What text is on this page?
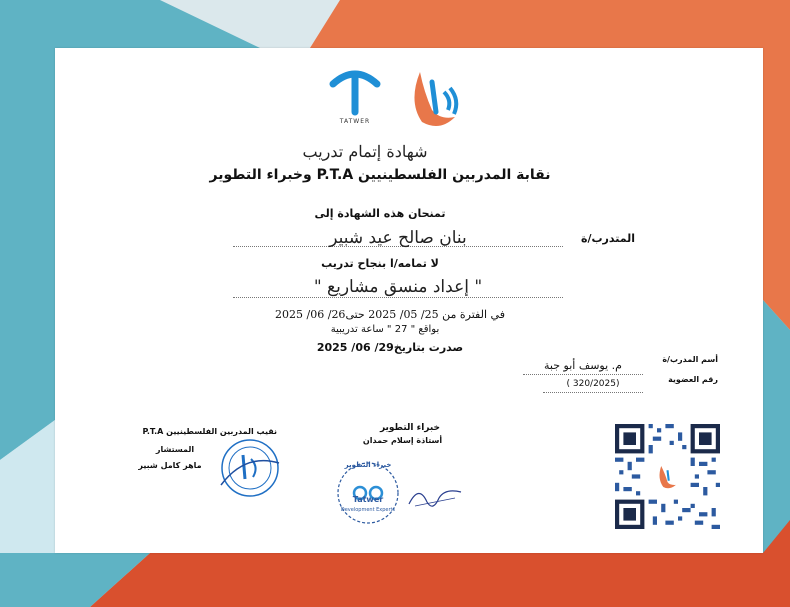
TATWER
شهادة إتمام تدريب
نقابة المدربين الفلسطينيين P.T.A وخبراء التطوير
تمنحان هذه الشهادة إلى
المتدرب/ة
بنان صالح عيد شبير
لا تمامه/ا بنجاح تدريب
" إعداد منسق مشاريع "
في الفترة من 25/ 05/ 2025 حتى26/ 06/ 2025
بواقع " 27 " ساعة تدريبية
صدرت بتاريخ29/ 06/ 2025
أسم المدرب/ة
م. يوسف أبو جبة
رقم العضوية
( 320/2025)
خبراء التطوير
أستاذة إسلام حمدان
خبراء التطوير
Tatwer
Development Experts
نقيب المدربين الفلسطينيين P.T.A
المستشار
ماهر كامل شبير
